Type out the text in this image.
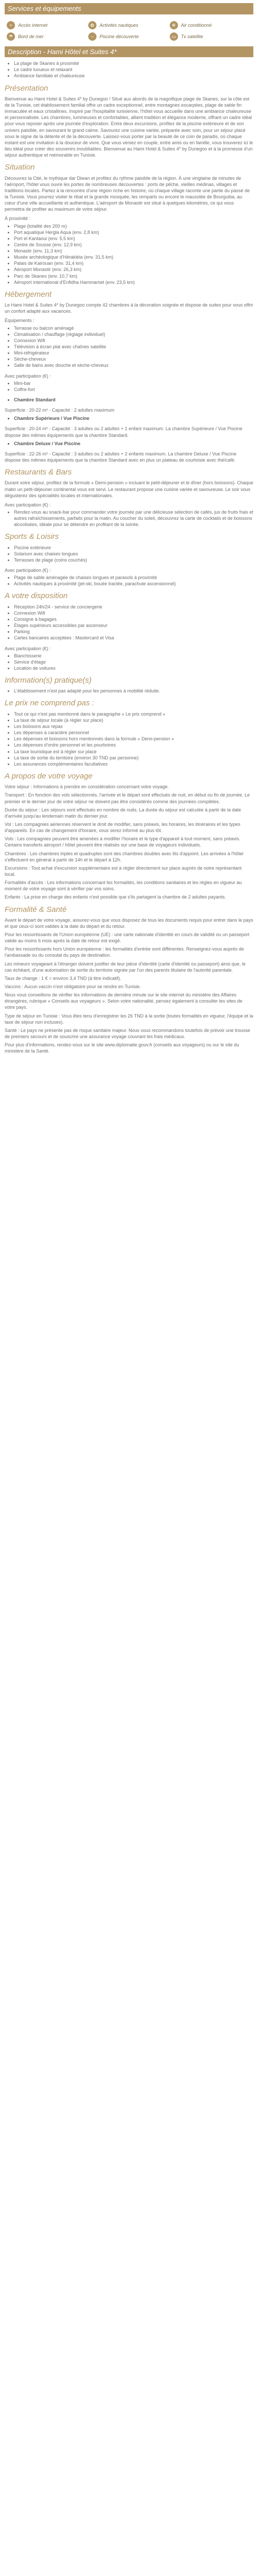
Services et équipements
≈	Accès internet	✿	Activités nautiques	❄	Air conditionné
☂	Bord de mer	~	Piscine découverte	▭	Tv satellite
Description - Hami Hôtel et Suites 4*
• La plage de Skanes à proximité
• Le cadre luxueux et relaxant
• Ambiance familiale et chaleureuse
Présentation

Bienvenue au Hami Hotel & Suites 4* by Dunegoo ! Situé aux abords de la magnifique plage de Skanes, sur la côte est de la Tunisie, cet établissement familial offre un cadre exceptionnel, entre montagnes escarpées, plage de sable fin immaculée et eaux cristallines. Inspiré par l'hospitalité tunisienne, l'hôtel vous accueille dans une ambiance chaleureuse et personnalisée. Les chambres, lumineuses et confortables, allient tradition et élégance moderne, offrant un cadre idéal pour vous reposer après une journée d'exploration. Entre deux excursions, profitez de la piscine extérieure et de son univers paisible, en savourant le grand calme. Savourez une cuisine variée, préparée avec soin, pour un séjour placé sous le signe de la détente et de la découverte. Laissez-vous porter par la beauté de ce coin de paradis, où chaque instant est une invitation à la douceur de vivre. Que vous veniez en couple, entre amis ou en famille, vous trouverez ici le lieu idéal pour créer des souvenirs inoubliables. Bienvenue au Hami Hotel & Suites 4* by Dunegoo et à la promesse d'un séjour authentique et mémorable en Tunisie.

Situation

Découvrez la Cité, le mythique dar Diwan et profitez du rythme paisible de la région. À une vingtaine de minutes de l'aéroport, l'hôtel vous ouvre les portes de nombreuses découvertes : ports de pêche, vieilles médinas, villages et traditions locales. Partez à la rencontre d'une région riche en histoire, où chaque village raconte une partie du passé de la Tunisie. Vous pourrez visiter le ribat et la grande mosquée, les remparts ou encore le mausolée de Bourguiba, au cœur d'une ville accueillante et authentique. L'aéroport de Monastir est situé à quelques kilomètres, ce qui vous permettra de profiter au maximum de votre séjour.

À proximité :

• Plage (totalité des 200 m)
• Port aquatique Hergla Aqua (env. 2,8 km)
• Port el Kantaoui (env. 5,5 km)
• Centre de Sousse (env. 12,9 km)
• Monastir (env. 11,3 km)
• Musée archéologique d'Hérakléia (env. 31,5 km)
• Palais de Kairouan (env. 31,4 km)
• Aéroport Monastir (env. 26,3 km)
• Parc de Skanes (env. 10,7 km)
• Aéroport international d'Enfidha Hammamet (env. 23,5 km)
Hébergement

Le Hami Hotel & Suites 4* by Dunegoo compte 42 chambres à la décoration soignée et dispose de suites pour vous offrir un confort adapté aux vacances.

Équipements :

• Terrasse ou balcon aménagé
• Climatisation / chauffage (réglage individuel)
• Connexion Wifi
• Télévision à écran plat avec chaînes satellite
• Mini-réfrigérateur
• Sèche-cheveux
• Salle de bains avec douche et sèche-cheveux

Avec participation (€) :

• Mini-bar
• Coffre-fort
• Chambre Standard

Superficie : 20-22 m² - Capacité : 2 adultes maximum

• Chambre Supérieure / Vue Piscine

Superficie : 20-24 m² - Capacité : 3 adultes ou 2 adultes + 1 enfant maximum. La chambre Supérieure / Vue Piscine dispose des mêmes équipements que la chambre Standard.

• Chambre Deluxe / Vue Piscine

Superficie : 22-26 m² - Capacité : 3 adultes ou 2 adultes + 2 enfants maximum. La chambre Deluxe / Vue Piscine dispose des mêmes équipements que la chambre Standard avec en plus un plateau de courtoisie avec thé/café.

Restaurants & Bars

Durant votre séjour, profitez de la formule « Demi-pension » incluant le petit-déjeuner et le dîner (hors boissons). Chaque matin un petit-déjeuner continental vous est servi. Le restaurant propose une cuisine variée et savoureuse. Le soir vous dégusterez des spécialités locales et internationales.

Avec participation (€) :

• Rendez-vous au snack-bar pour commander votre journée par une délicieuse sélection de cafés, jus de fruits frais et autres rafraîchissements, parfaits pour la matin. Au coucher du soleil, découvrez la carte de cocktails et de boissons alcoolisées, idéale pour se détendre en profitant de la soirée.
Sports & Loisirs
• Piscine extérieure
• Solarium avec chaises longues
• Terrasses de plage (coins couchés)

Avec participation (€) :

• Plage de sable aménagée de chaises longues et parasols à proximité
• Activités nautiques à proximité (jet-ski, bouée tractée, parachute ascensionnel)
A votre disposition
• Réception 24h/24 - service de conciergerie
• Connexion Wifi
• Consigne à bagages
• Étages supérieurs accessibles par ascenseur
• Parking
• Cartes bancaires acceptées : Mastercard et Visa

Avec participation (€) :

• Blanchisserie
• Service d'étage
• Location de voitures
Information(s) pratique(s)
• L'établissement n'est pas adapté pour les personnes à mobilité réduite.
Le prix ne comprend pas :
• Tout ce qui n'est pas mentionné dans le paragraphe « Le prix comprend »
• La taxe de séjour locale (à régler sur place)
• Les boissons aux repas
• Les dépenses à caractère personnel
• Les dépenses et boissons hors mentionnés dans la formule « Demi-pension »
• Les dépenses d'ordre personnel et les pourboires
• La taxe touristique est à régler sur place
• La taxe de sortie du territoire (environ 30 TND par personne)
• Les assurances complémentaires facultatives
A propos de votre voyage

Votre séjour : Informations à prendre en considération concernant votre voyage.

Transport : En fonction des vols sélectionnés, l'arrivée et le départ sont effectués de nuit, en début ou fin de journée. Le premier et le dernier jour de votre séjour ne doivent pas être considérés comme des journées complètes.

Durée du séjour : Les séjours sont effectués en nombre de nuits. La durée du séjour est calculée à partir de la date d'arrivée jusqu'au lendemain matin du dernier jour.

Vol : Les compagnies aériennes réservent le droit de modifier, sans préavis, les horaires, les itinéraires et les types d'appareils. En cas de changement d'horaire, vous serez informé au plus tôt.

Vols : Les compagnies peuvent être amenées à modifier l'horaire et le type d'appareil à tout moment, sans préavis. Certains transferts aéroport / hôtel peuvent être réalisés sur une base de voyageurs individuels.

Chambres : Les chambres triples et quadruples sont des chambres doubles avec lits d'appoint. Les arrivées à l'hôtel s'effectuent en général à partir de 14h et le départ à 12h.

Excursions : Tout achat d'excursion supplémentaire est à régler directement sur place auprès de notre représentant local.

Formalités d'accès : Les informations concernant les formalités, les conditions sanitaires et les règles en vigueur au moment de votre voyage sont à vérifier par vos soins.

Enfants : La prise en charge des enfants n'est possible que s'ils partagent la chambre de 2 adultes payants.

Formalité & Santé

Avant le départ de votre voyage, assurez-vous que vous disposez de tous les documents requis pour entrer dans le pays et que ceux-ci sont valides à la date du départ et du retour.

Pour les ressortissants de l'Union européenne (UE) : une carte nationale d'identité en cours de validité ou un passeport valide au moins 6 mois après la date de retour est exigé.

Pour les ressortissants hors Union européenne : les formalités d'entrée sont différentes. Renseignez-vous auprès de l'ambassade ou du consulat du pays de destination.

Les mineurs voyageant à l'étranger doivent justifier de leur pièce d'identité (carte d'identité ou passeport) ainsi que, le cas échéant, d'une autorisation de sortie du territoire signée par l'un des parents titulaire de l'autorité parentale.

Taux de change : 1 € = environ 3,4 TND (à titre indicatif).

Vaccins : Aucun vaccin n'est obligatoire pour se rendre en Tunisie.

Nous vous conseillons de vérifier les informations de dernière minute sur le site internet du ministère des Affaires étrangères, rubrique « Conseils aux voyageurs ». Selon votre nationalité, pensez également à consulter les sites de votre pays.

Type de séjour en Tunisie : Vous êtes tenu d'enregistrer les 26 TND à la sortie (toutes formalités en vigueur, l'équipe et la taxe de séjour non incluses).

Santé : Le pays ne présente pas de risque sanitaire majeur. Nous vous recommandons toutefois de prévoir une trousse de premiers secours et de souscrire une assurance voyage couvrant les frais médicaux.

Pour plus d'informations, rendez-vous sur le site www.diplomatie.gouv.fr (conseils aux voyageurs) ou sur le site du ministère de la Santé.
